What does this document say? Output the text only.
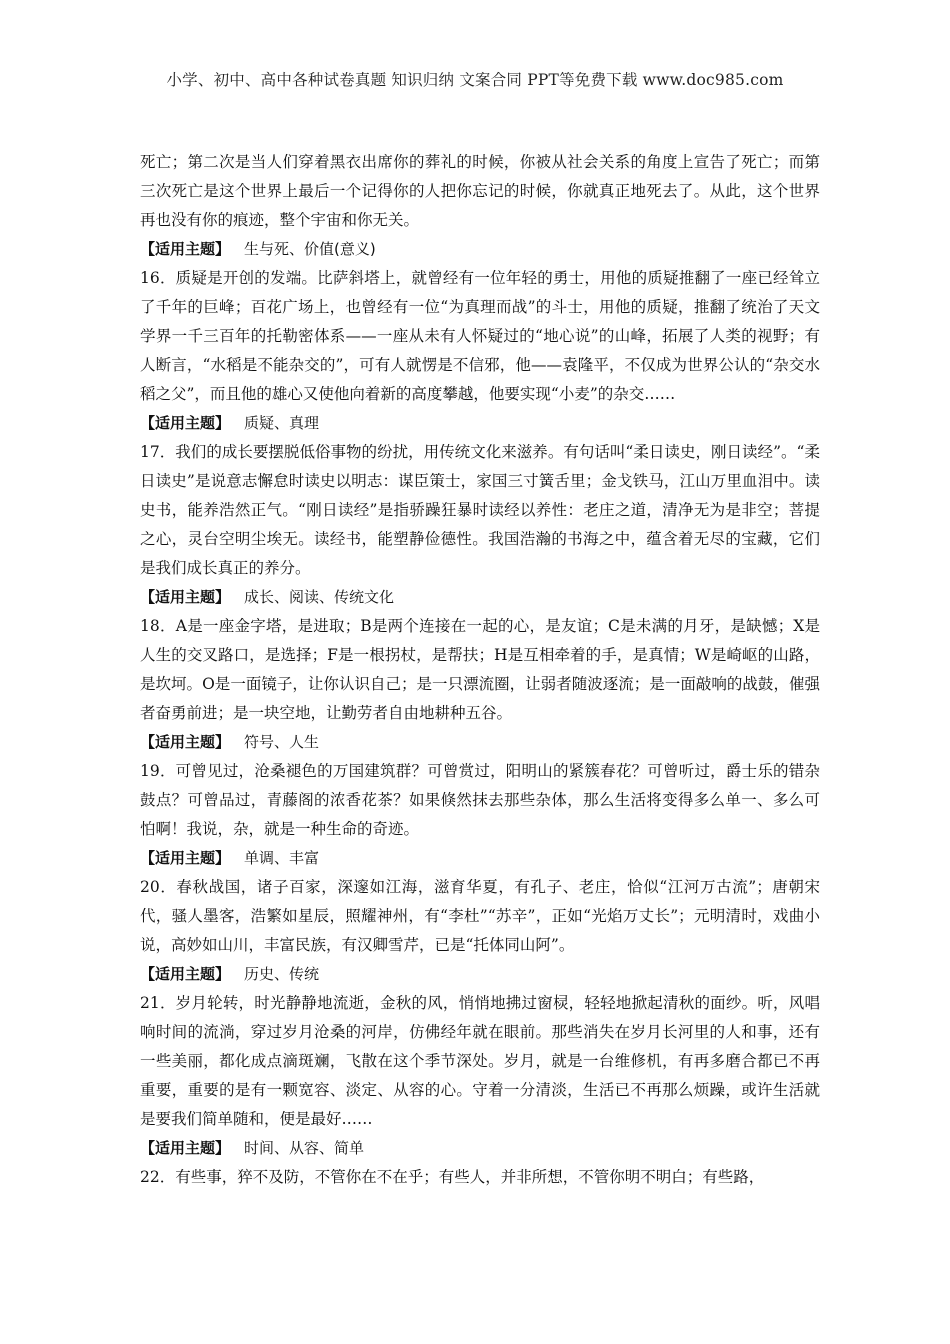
小学、初中、高中各种试卷真题 知识归纳 文案合同 PPT等免费下载 www.doc985.com

死亡；第二次是当人们穿着黑衣出席你的葬礼的时候，你被从社会关系的角度上宣告了死亡；而第三次死亡是这个世界上最后一个记得你的人把你忘记的时候，你就真正地死去了。从此，这个世界再也没有你的痕迹，整个宇宙和你无关。

【适用主题】 生与死、价值(意义)

16．质疑是开创的发端。比萨斜塔上，就曾经有一位年轻的勇士，用他的质疑推翻了一座已经耸立了千年的巨峰；百花广场上，也曾经有一位“为真理而战”的斗士，用他的质疑，推翻了统治了天文学界一千三百年的托勒密体系——一座从未有人怀疑过的“地心说”的山峰，拓展了人类的视野；有人断言，“水稻是不能杂交的”，可有人就愣是不信邪，他——袁隆平，不仅成为世界公认的“杂交水稻之父”，而且他的雄心又使他向着新的高度攀越，他要实现“小麦”的杂交……

【适用主题】 质疑、真理

17．我们的成长要摆脱低俗事物的纷扰，用传统文化来滋养。有句话叫“柔日读史，刚日读经”。“柔日读史”是说意志懈怠时读史以明志：谋臣策士，家国三寸簧舌里；金戈铁马，江山万里血泪中。读史书，能养浩然正气。“刚日读经”是指骄躁狂暴时读经以养性：老庄之道，清净无为是非空；菩提之心，灵台空明尘埃无。读经书，能塑静俭德性。我国浩瀚的书海之中，蕴含着无尽的宝藏，它们是我们成长真正的养分。

【适用主题】 成长、阅读、传统文化

18．A是一座金字塔，是进取；B是两个连接在一起的心，是友谊；C是未满的月牙，是缺憾；X是人生的交叉路口，是选择；F是一根拐杖，是帮扶；H是互相牵着的手，是真情；W是崎岖的山路，是坎坷。O是一面镜子，让你认识自己；是一只漂流圈，让弱者随波逐流；是一面敲响的战鼓，催强者奋勇前进；是一块空地，让勤劳者自由地耕种五谷。

【适用主题】 符号、人生

19．可曾见过，沧桑褪色的万国建筑群？可曾赏过，阳明山的紧簇春花？可曾听过，爵士乐的错杂鼓点？可曾品过，青藤阁的浓香花茶？如果倏然抹去那些杂体，那么生活将变得多么单一、多么可怕啊！我说，杂，就是一种生命的奇迹。

【适用主题】 单调、丰富

20．春秋战国，诸子百家，深邃如江海，滋育华夏，有孔子、老庄，恰似“江河万古流”；唐朝宋代，骚人墨客，浩繁如星辰，照耀神州，有“李杜”“苏辛”，正如“光焰万丈长”；元明清时，戏曲小说，高妙如山川，丰富民族，有汉卿雪芹，已是“托体同山阿”。

【适用主题】 历史、传统

21．岁月轮转，时光静静地流逝，金秋的风，悄悄地拂过窗棂，轻轻地掀起清秋的面纱。听，风唱响时间的流淌，穿过岁月沧桑的河岸，仿佛经年就在眼前。那些消失在岁月长河里的人和事，还有一些美丽，都化成点滴斑斓，飞散在这个季节深处。岁月，就是一台维修机，有再多磨合都已不再重要，重要的是有一颗宽容、淡定、从容的心。守着一分清淡，生活已不再那么烦躁，或许生活就是要我们简单随和，便是最好……

【适用主题】 时间、从容、简单

22．有些事，猝不及防，不管你在不在乎；有些人，并非所想，不管你明不明白；有些路，
